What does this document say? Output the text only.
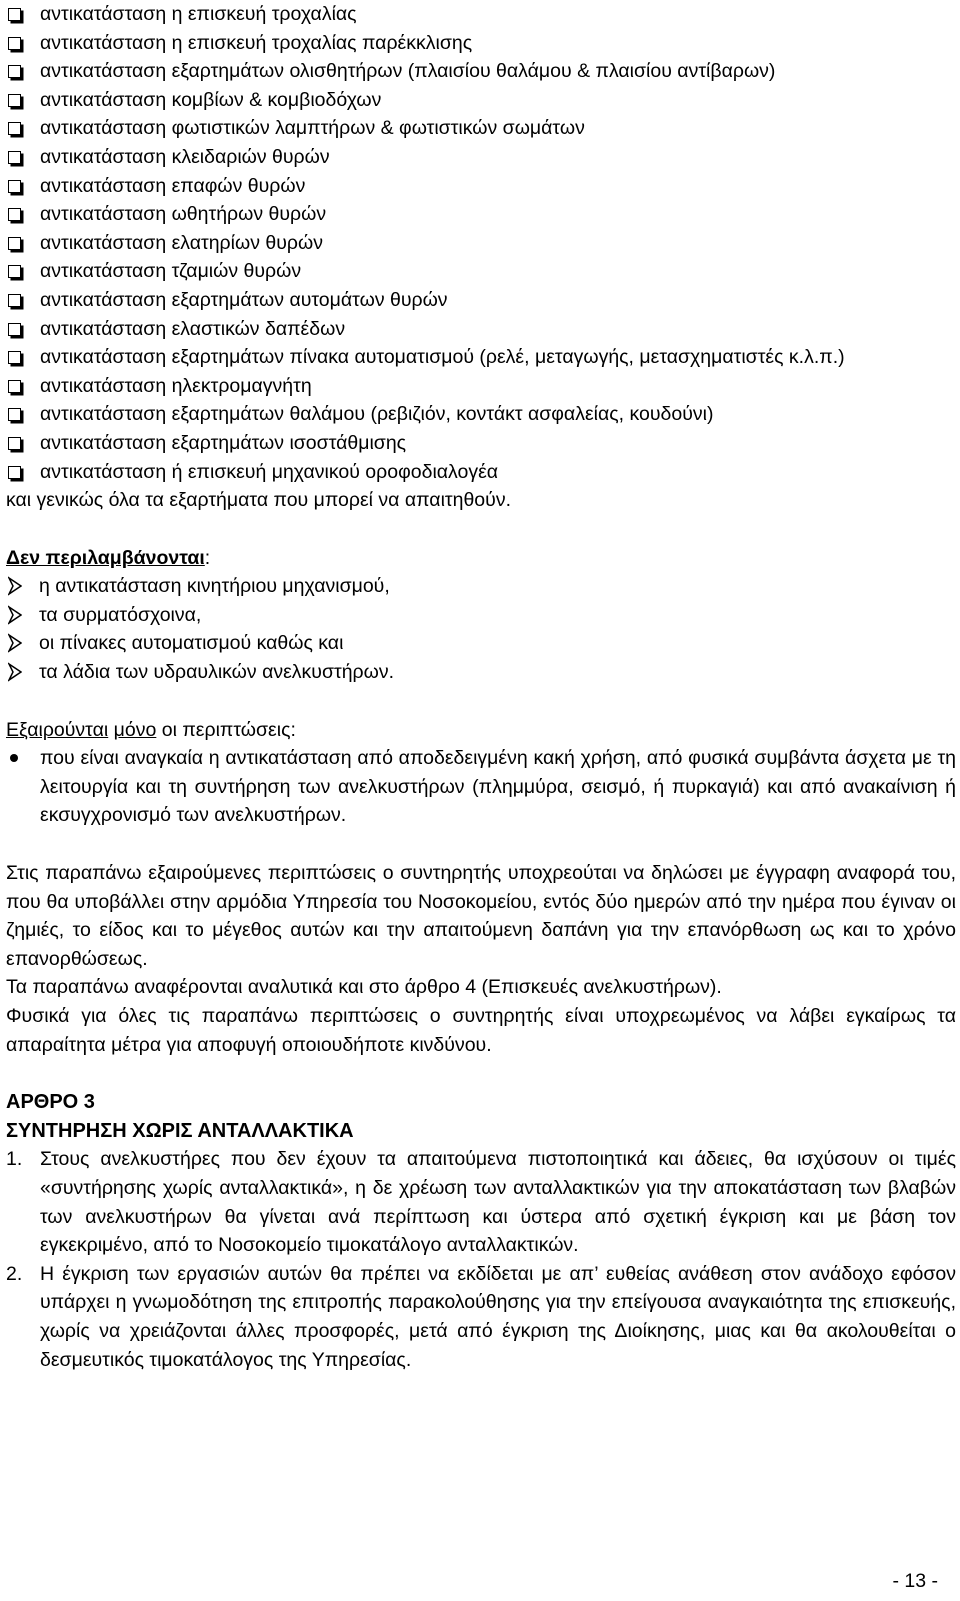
αντικατάσταση η επισκευή τροχαλίας
αντικατάσταση η επισκευή τροχαλίας παρέκκλισης
αντικατάσταση εξαρτημάτων ολισθητήρων (πλαισίου θαλάμου & πλαισίου αντίβαρων)
αντικατάσταση κομβίων & κομβιοδόχων
αντικατάσταση φωτιστικών λαμπτήρων & φωτιστικών σωμάτων
αντικατάσταση κλειδαριών θυρών
αντικατάσταση επαφών θυρών
αντικατάσταση ωθητήρων θυρών
αντικατάσταση ελατηρίων θυρών
αντικατάσταση τζαμιών θυρών
αντικατάσταση εξαρτημάτων αυτομάτων θυρών
αντικατάσταση ελαστικών δαπέδων
αντικατάσταση εξαρτημάτων πίνακα αυτοματισμού (ρελέ, μεταγωγής, μετασχηματιστές κ.λ.π.)
αντικατάσταση ηλεκτρομαγνήτη
αντικατάσταση εξαρτημάτων θαλάμου (ρεβιζιόν, κοντάκτ ασφαλείας, κουδούνι)
αντικατάσταση εξαρτημάτων ισοστάθμισης
αντικατάσταση ή επισκευή μηχανικού οροφοδιαλογέα

και γενικώς όλα τα εξαρτήματα που μπορεί να απαιτηθούν.

Δεν περιλαμβάνονται:

η αντικατάσταση κινητήριου μηχανισμού,
τα συρματόσχοινα,
οι πίνακες αυτοματισμού καθώς και
τα λάδια των υδραυλικών ανελκυστήρων.

Εξαιρούνται μόνο οι περιπτώσεις:

που είναι αναγκαία η αντικατάσταση από αποδεδειγμένη κακή χρήση, από φυσικά συμβάντα άσχετα με τη λειτουργία και τη συντήρηση των ανελκυστήρων (πλημμύρα, σεισμό, ή πυρκαγιά) και από ανακαίνιση ή εκσυγχρονισμό των ανελκυστήρων.

Στις παραπάνω εξαιρούμενες περιπτώσεις ο συντηρητής υποχρεούται να δηλώσει με έγγραφη αναφορά του, που θα υποβάλλει στην αρμόδια Υπηρεσία του Νοσοκομείου, εντός δύο ημερών από την ημέρα που έγιναν οι ζημιές, το είδος και το μέγεθος αυτών και την απαιτούμενη δαπάνη για την επανόρθωση ως και το χρόνο επανορθώσεως.

Τα παραπάνω αναφέρονται αναλυτικά και στο άρθρο 4 (Επισκευές ανελκυστήρων).

Φυσικά για όλες τις παραπάνω περιπτώσεις ο συντηρητής είναι υποχρεωμένος να λάβει εγκαίρως τα απαραίτητα μέτρα για αποφυγή οποιουδήποτε κινδύνου.

ΑΡΘΡΟ 3

ΣΥΝΤΗΡΗΣΗ ΧΩΡΙΣ ΑΝΤΑΛΛΑΚΤΙΚΑ

1. Στους ανελκυστήρες που δεν έχουν τα απαιτούμενα πιστοποιητικά και άδειες, θα ισχύσουν οι τιμές «συντήρησης χωρίς ανταλλακτικά», η δε χρέωση των ανταλλακτικών για την αποκατάσταση των βλαβών των ανελκυστήρων θα γίνεται ανά περίπτωση και ύστερα από σχετική έγκριση και με βάση τον εγκεκριμένο, από το Νοσοκομείο τιμοκατάλογο ανταλλακτικών.
2. Η έγκριση των εργασιών αυτών θα πρέπει να εκδίδεται με απ’ ευθείας ανάθεση στον ανάδοχο εφόσον υπάρχει η γνωμοδότηση της επιτροπής παρακολούθησης για την επείγουσα αναγκαιότητα της επισκευής, χωρίς να χρειάζονται άλλες προσφορές, μετά από έγκριση της Διοίκησης, μιας και θα ακολουθείται ο δεσμευτικός τιμοκατάλογος της Υπηρεσίας.
- 13 -
